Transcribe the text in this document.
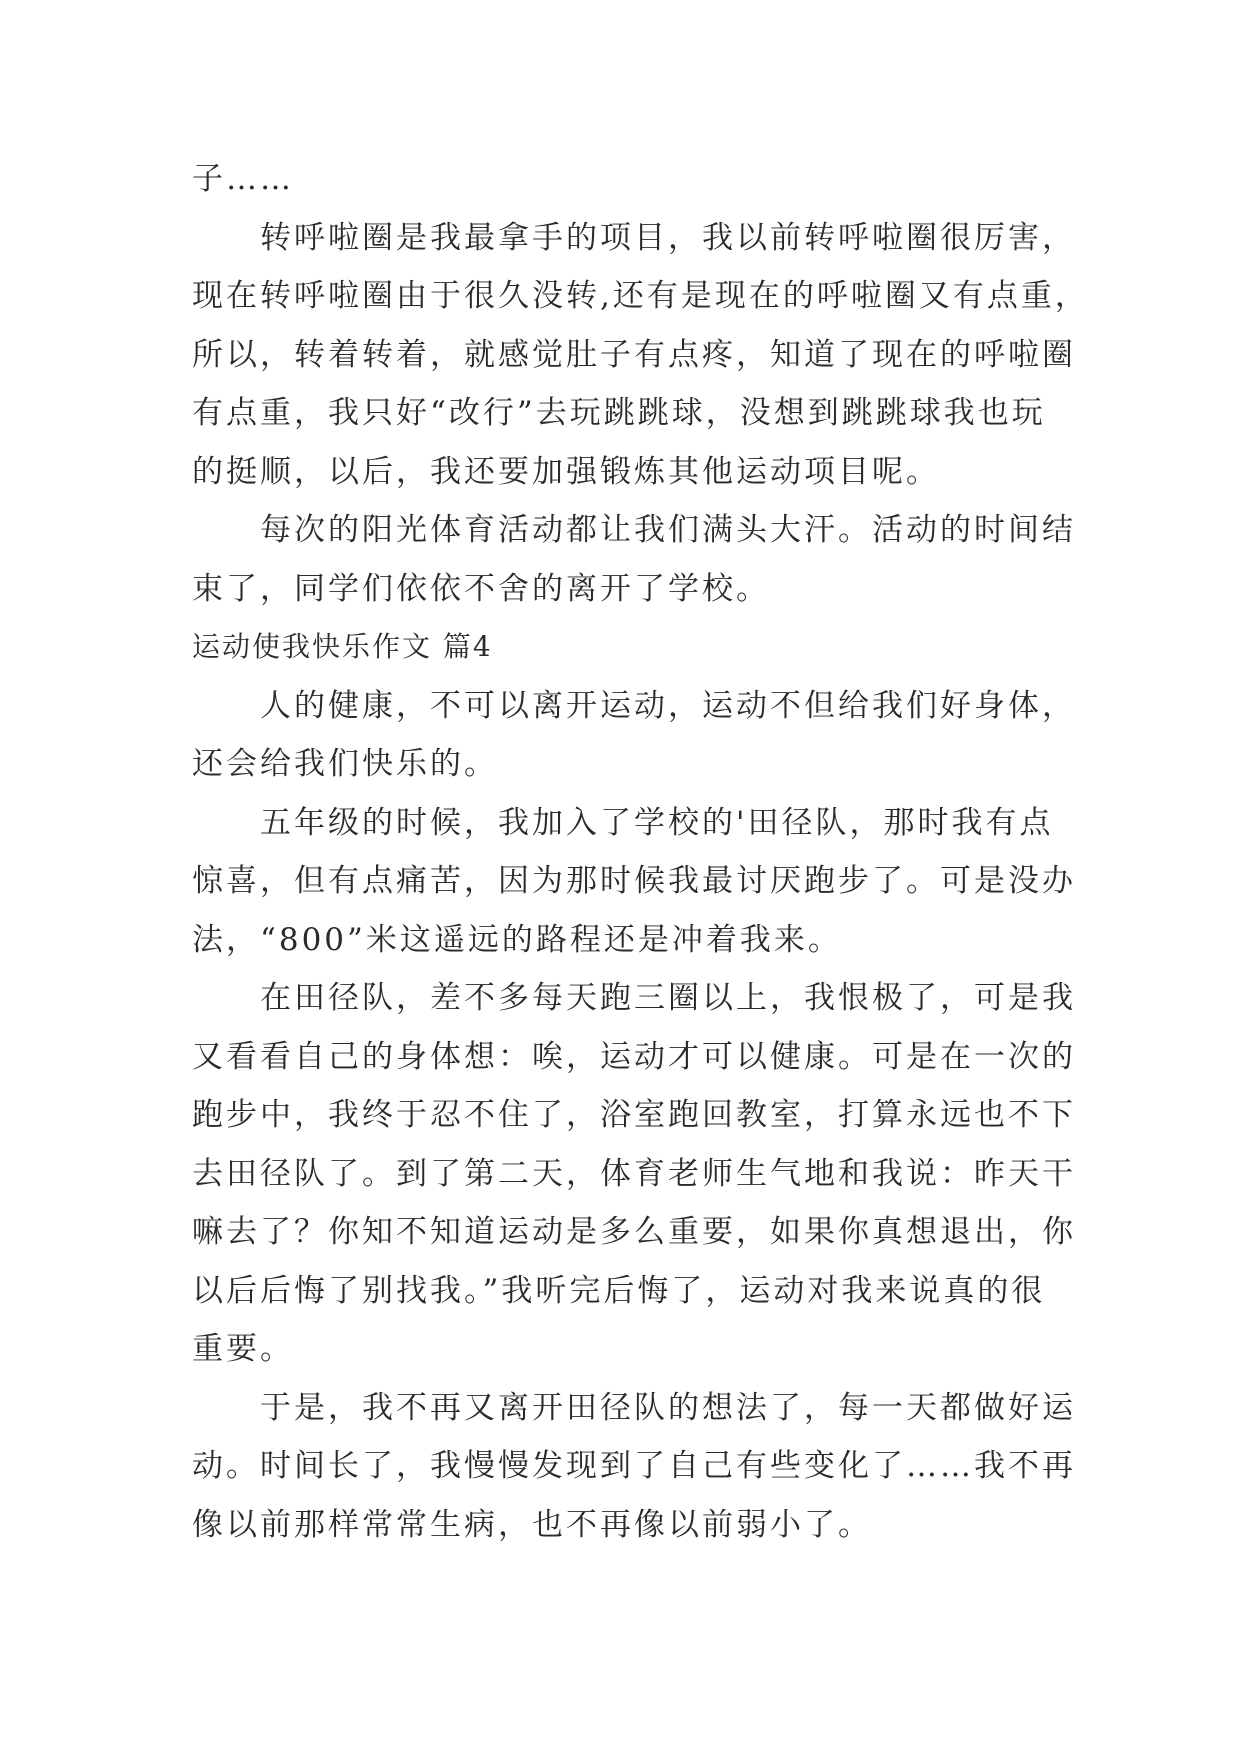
子……
转呼啦圈是我最拿手的项目，我以前转呼啦圈很厉害，
现在转呼啦圈由于很久没转,还有是现在的呼啦圈又有点重，
所以，转着转着，就感觉肚子有点疼，知道了现在的呼啦圈
有点重，我只好“改行”去玩跳跳球，没想到跳跳球我也玩
的挺顺，以后，我还要加强锻炼其他运动项目呢。
每次的阳光体育活动都让我们满头大汗。活动的时间结
束了，同学们依依不舍的离开了学校。
运动使我快乐作文 篇4
人的健康，不可以离开运动，运动不但给我们好身体，
还会给我们快乐的。
五年级的时候，我加入了学校的'田径队，那时我有点
惊喜，但有点痛苦，因为那时候我最讨厌跑步了。可是没办
法，“800”米这遥远的路程还是冲着我来。
在田径队，差不多每天跑三圈以上，我恨极了，可是我
又看看自己的身体想：唉，运动才可以健康。可是在一次的
跑步中，我终于忍不住了，浴室跑回教室，打算永远也不下
去田径队了。到了第二天，体育老师生气地和我说：昨天干
嘛去了？你知不知道运动是多么重要，如果你真想退出，你
以后后悔了别找我。”我听完后悔了，运动对我来说真的很
重要。
于是，我不再又离开田径队的想法了，每一天都做好运
动。时间长了，我慢慢发现到了自己有些变化了……我不再
像以前那样常常生病，也不再像以前弱小了。
